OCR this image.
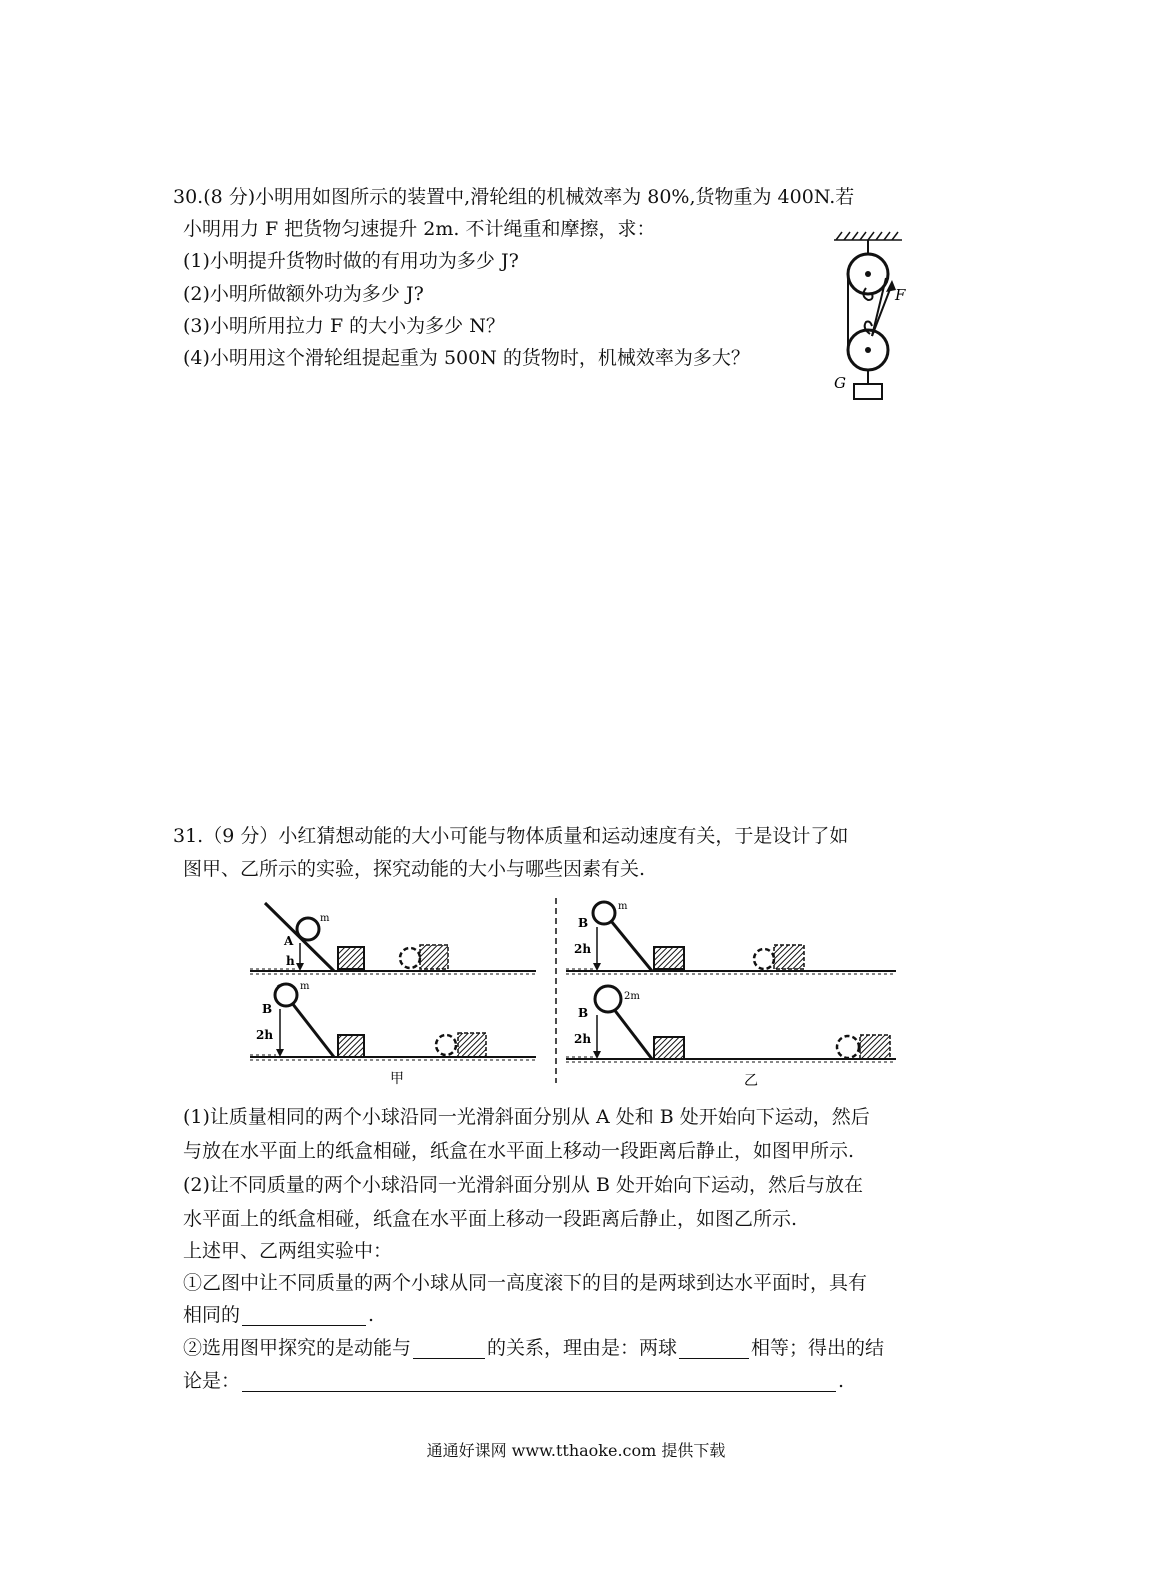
30.(8 分)小明用如图所示的装置中,滑轮组的机械效率为 80%,货物重为 400N.若
小明用力 F 把货物匀速提升 2m. 不计绳重和摩擦，求：
(1)小明提升货物时做的有用功为多少 J?
(2)小明所做额外功为多少 J?
(3)小明所用拉力 F 的大小为多少 N？
(4)小明用这个滑轮组提起重为 500N 的货物时，机械效率为多大？
F
G
31.（9 分）小红猜想动能的大小可能与物体质量和运动速度有关，于是设计了如
图甲、乙所示的实验，探究动能的大小与哪些因素有关.
A
h
m
B
2h
m
甲
B
2h
m
B
2h
2m
乙
(1)让质量相同的两个小球沿同一光滑斜面分别从 A 处和 B 处开始向下运动，然后
与放在水平面上的纸盒相碰，纸盒在水平面上移动一段距离后静止，如图甲所示.
(2)让不同质量的两个小球沿同一光滑斜面分别从 B 处开始向下运动，然后与放在
水平面上的纸盒相碰，纸盒在水平面上移动一段距离后静止，如图乙所示.
上述甲、乙两组实验中：
①乙图中让不同质量的两个小球从同一高度滚下的目的是两球到达水平面时，具有
相同的	.
②选用图甲探究的是动能与	的关系，理由是：两球	相等；得出的结
论是：	.
通通好课网 www.tthaoke.com 提供下载
